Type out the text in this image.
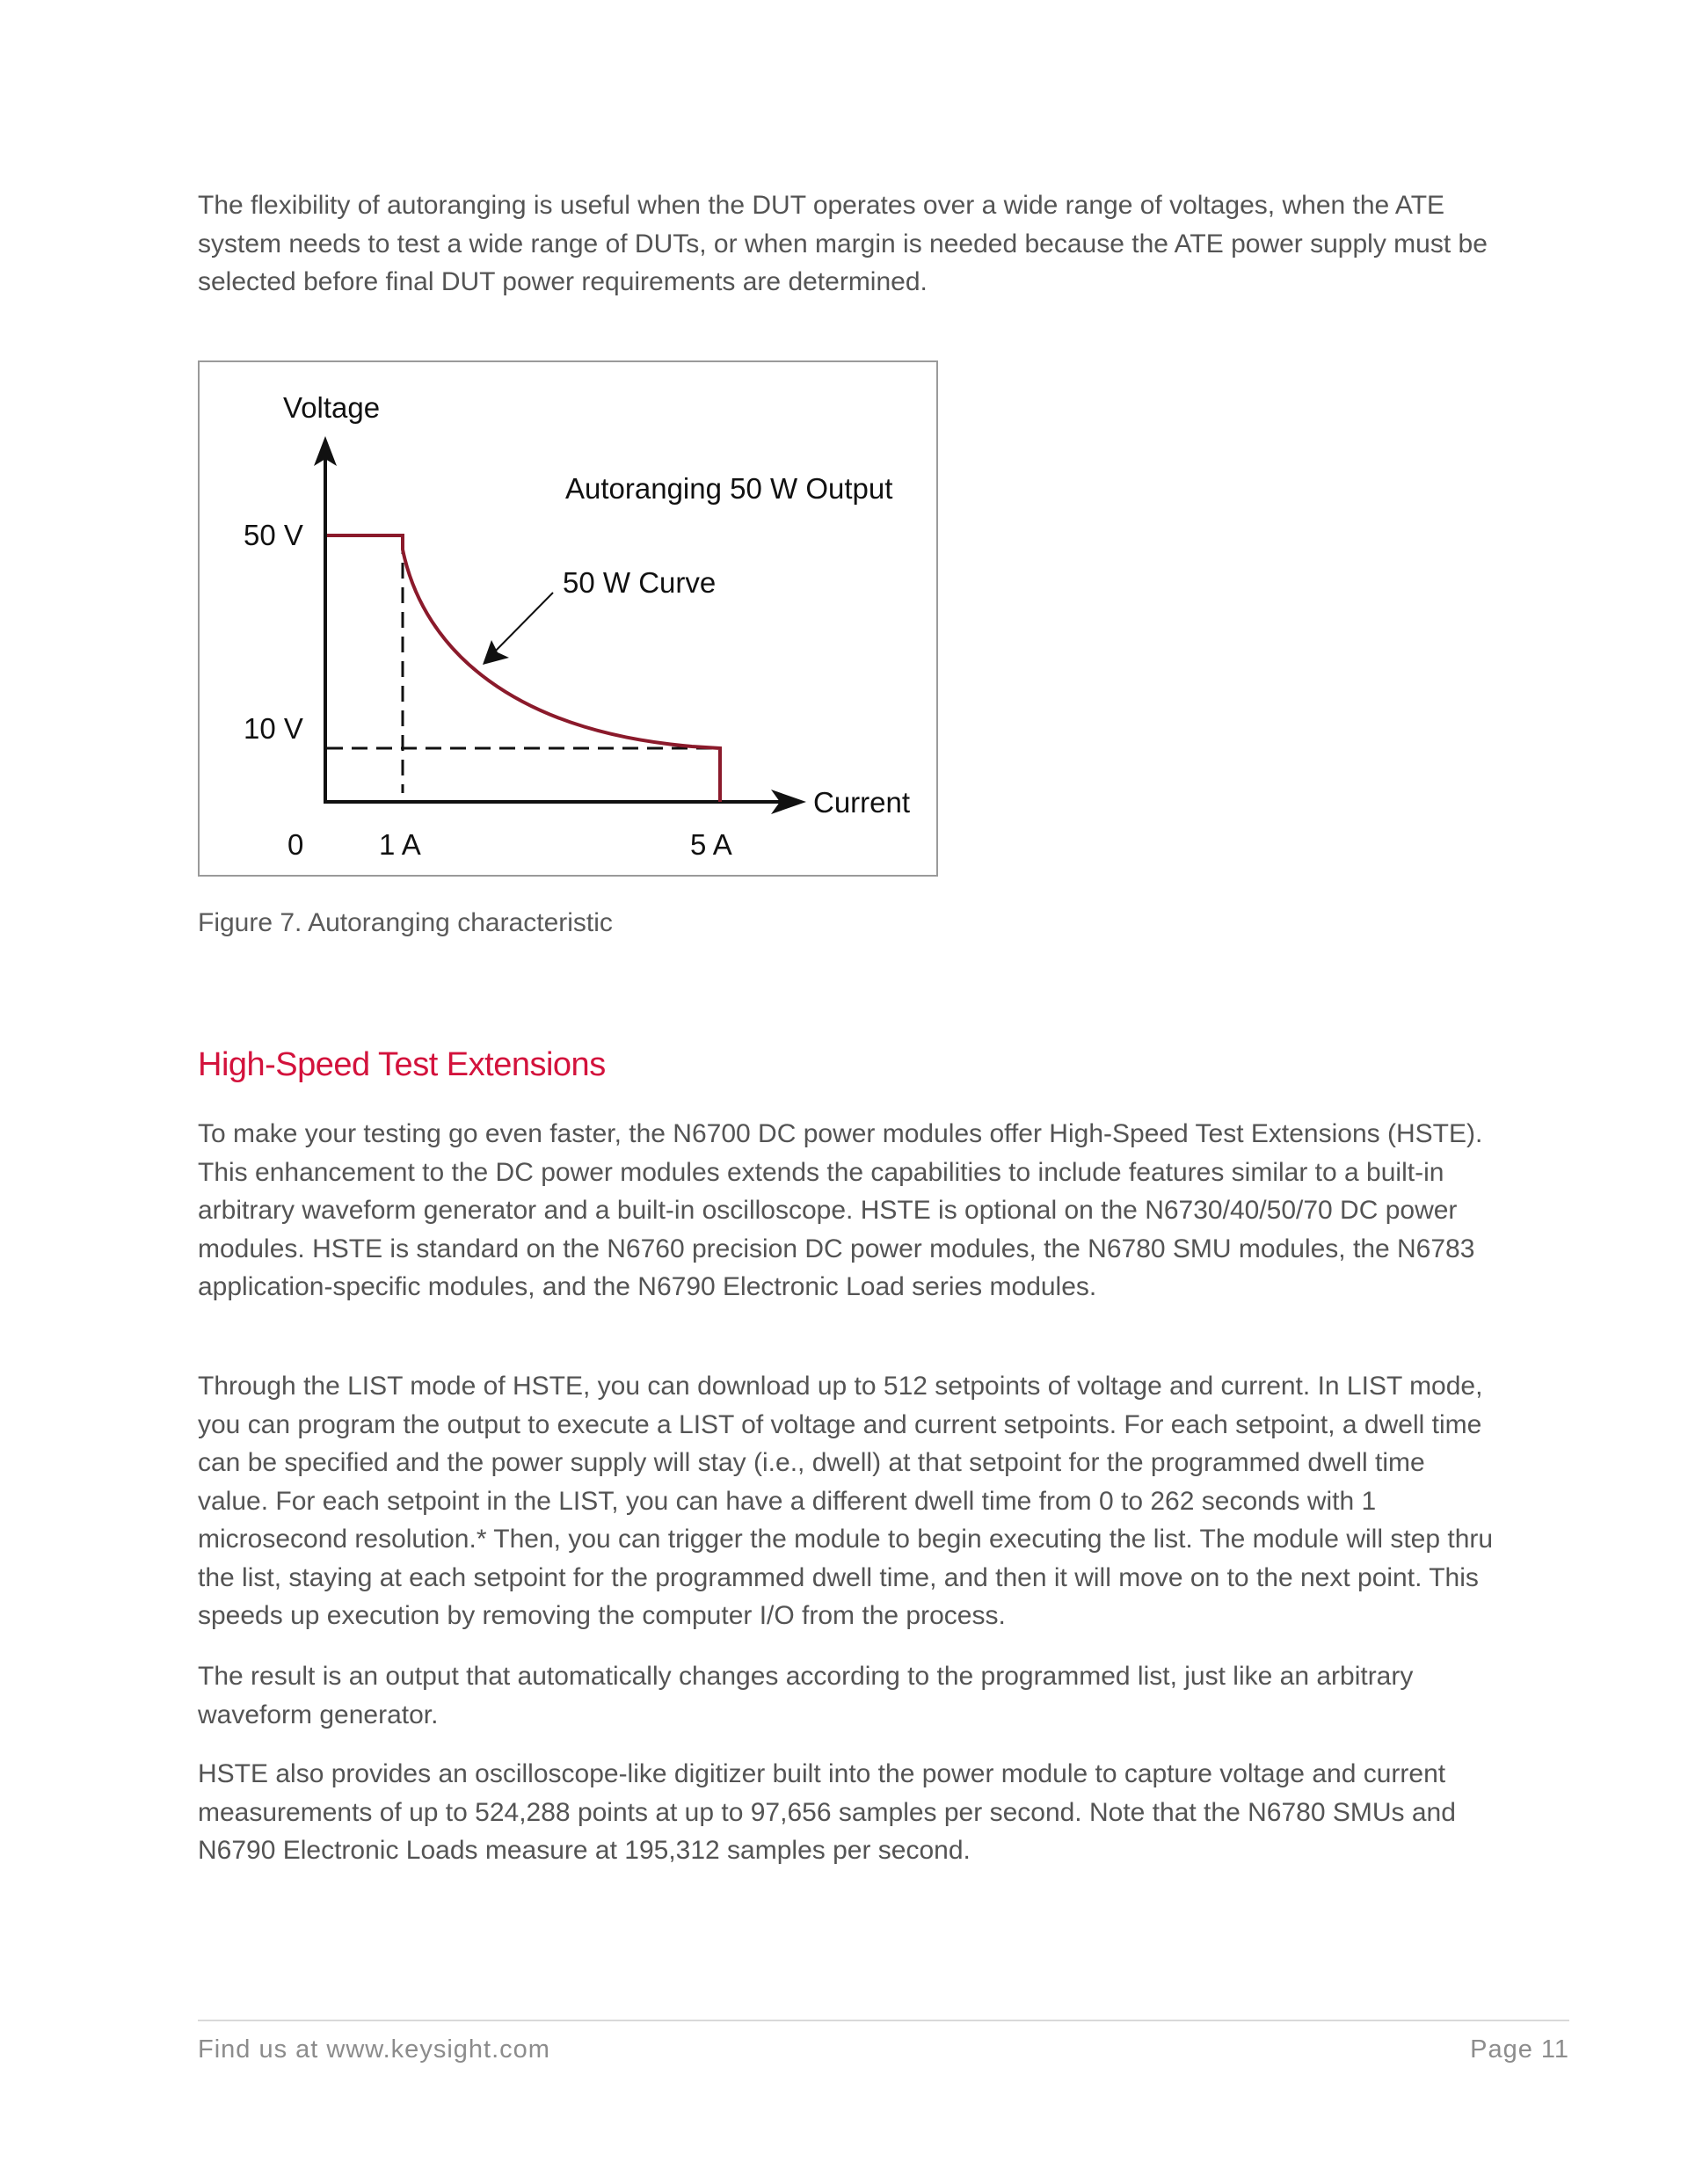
The flexibility of autoranging is useful when the DUT operates over a wide range of voltages, when the ATE system needs to test a wide range of DUTs, or when margin is needed because the ATE power supply must be selected before final DUT power requirements are determined.

Voltage
Autoranging 50 W Output
50 W Curve
50 V
10 V
0	1 A	5 A
Current
Figure 7. Autoranging characteristic
High-Speed Test Extensions

To make your testing go even faster, the N6700 DC power modules offer High-Speed Test Extensions (HSTE). This enhancement to the DC power modules extends the capabilities to include features similar to a built-in arbitrary waveform generator and a built-in oscilloscope. HSTE is optional on the N6730/40/50/70 DC power modules. HSTE is standard on the N6760 precision DC power modules, the N6780 SMU modules, the N6783 application-specific modules, and the N6790 Electronic Load series modules.

Through the LIST mode of HSTE, you can download up to 512 setpoints of voltage and current. In LIST mode, you can program the output to execute a LIST of voltage and current setpoints. For each setpoint, a dwell time can be specified and the power supply will stay (i.e., dwell) at that setpoint for the programmed dwell time value. For each setpoint in the LIST, you can have a different dwell time from 0 to 262 seconds with 1 microsecond resolution.* Then, you can trigger the module to begin executing the list. The module will step thru the list, staying at each setpoint for the programmed dwell time, and then it will move on to the next point. This speeds up execution by removing the computer I/O from the process.

The result is an output that automatically changes according to the programmed list, just like an arbitrary waveform generator.

HSTE also provides an oscilloscope-like digitizer built into the power module to capture voltage and current measurements of up to 524,288 points at up to 97,656 samples per second. Note that the N6780 SMUs and N6790 Electronic Loads measure at 195,312 samples per second.

Find us at www.keysight.com	Page 11
